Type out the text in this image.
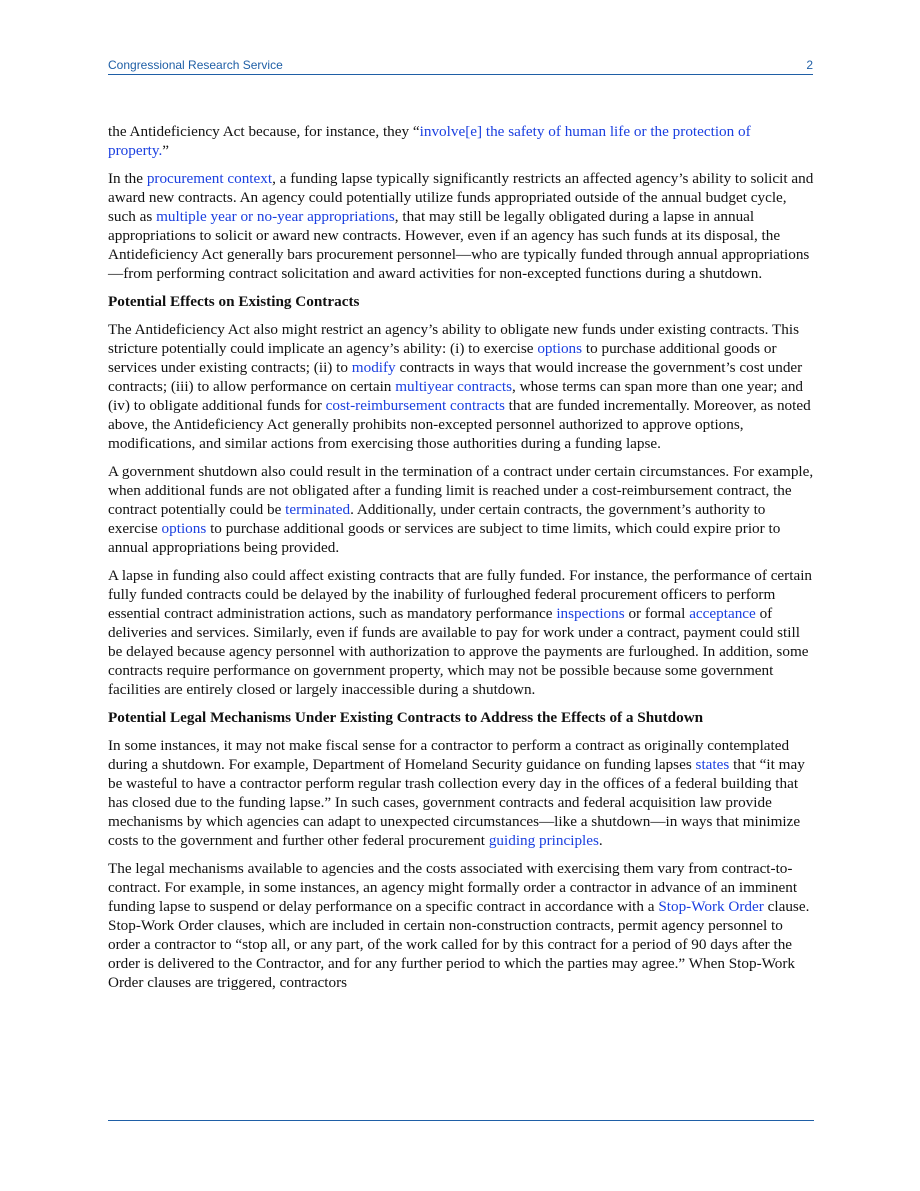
Congressional Research Service	2

the Antideficiency Act because, for instance, they “involve[e] the safety of human life or the protection of property.”

In the procurement context, a funding lapse typically significantly restricts an affected agency’s ability to solicit and award new contracts. An agency could potentially utilize funds appropriated outside of the annual budget cycle, such as multiple year or no-year appropriations, that may still be legally obligated during a lapse in annual appropriations to solicit or award new contracts. However, even if an agency has such funds at its disposal, the Antideficiency Act generally bars procurement personnel—who are typically funded through annual appropriations—from performing contract solicitation and award activities for non-excepted functions during a shutdown.

Potential Effects on Existing Contracts

The Antideficiency Act also might restrict an agency’s ability to obligate new funds under existing contracts. This stricture potentially could implicate an agency’s ability: (i) to exercise options to purchase additional goods or services under existing contracts; (ii) to modify contracts in ways that would increase the government’s cost under contracts; (iii) to allow performance on certain multiyear contracts, whose terms can span more than one year; and (iv) to obligate additional funds for cost-reimbursement contracts that are funded incrementally. Moreover, as noted above, the Antideficiency Act generally prohibits non-excepted personnel authorized to approve options, modifications, and similar actions from exercising those authorities during a funding lapse.

A government shutdown also could result in the termination of a contract under certain circumstances. For example, when additional funds are not obligated after a funding limit is reached under a cost-reimbursement contract, the contract potentially could be terminated. Additionally, under certain contracts, the government’s authority to exercise options to purchase additional goods or services are subject to time limits, which could expire prior to annual appropriations being provided.

A lapse in funding also could affect existing contracts that are fully funded. For instance, the performance of certain fully funded contracts could be delayed by the inability of furloughed federal procurement officers to perform essential contract administration actions, such as mandatory performance inspections or formal acceptance of deliveries and services. Similarly, even if funds are available to pay for work under a contract, payment could still be delayed because agency personnel with authorization to approve the payments are furloughed. In addition, some contracts require performance on government property, which may not be possible because some government facilities are entirely closed or largely inaccessible during a shutdown.

Potential Legal Mechanisms Under Existing Contracts to Address the Effects of a Shutdown

In some instances, it may not make fiscal sense for a contractor to perform a contract as originally contemplated during a shutdown. For example, Department of Homeland Security guidance on funding lapses states that “it may be wasteful to have a contractor perform regular trash collection every day in the offices of a federal building that has closed due to the funding lapse.” In such cases, government contracts and federal acquisition law provide mechanisms by which agencies can adapt to unexpected circumstances—like a shutdown—in ways that minimize costs to the government and further other federal procurement guiding principles.

The legal mechanisms available to agencies and the costs associated with exercising them vary from contract-to-contract. For example, in some instances, an agency might formally order a contractor in advance of an imminent funding lapse to suspend or delay performance on a specific contract in accordance with a Stop-Work Order clause. Stop-Work Order clauses, which are included in certain non-construction contracts, permit agency personnel to order a contractor to “stop all, or any part, of the work called for by this contract for a period of 90 days after the order is delivered to the Contractor, and for any further period to which the parties may agree.” When Stop-Work Order clauses are triggered, contractors
